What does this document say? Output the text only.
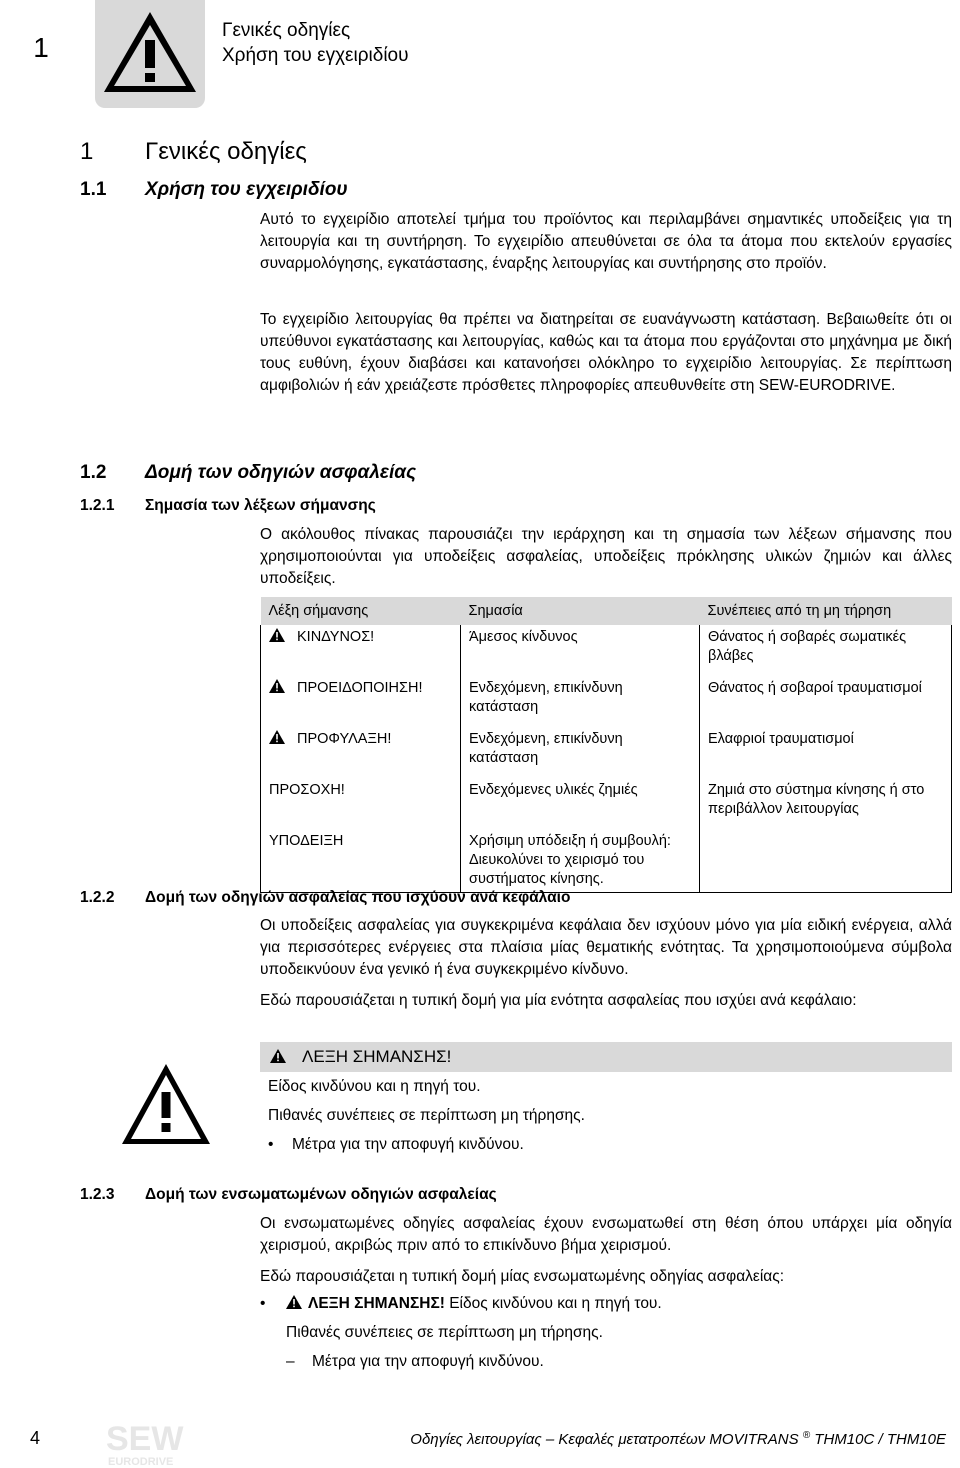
1
Γενικές οδηγίες
Χρήση του εγχειριδίου
1 Γενικές οδηγίες
1.1 Χρήση του εγχειριδίου

Αυτό το εγχειρίδιο αποτελεί τμήμα του προϊόντος και περιλαμβάνει σημαντικές υποδείξεις για τη λειτουργία και τη συντήρηση. Το εγχειρίδιο απευθύνεται σε όλα τα άτομα που εκτελούν εργασίες συναρμολόγησης, εγκατάστασης, έναρξης λειτουργίας και συντήρησης στο προϊόν.

Το εγχειρίδιο λειτουργίας θα πρέπει να διατηρείται σε ευανάγνωστη κατάσταση. Βεβαιωθείτε ότι οι υπεύθυνοι εγκατάστασης και λειτουργίας, καθώς και τα άτομα που εργάζονται στο μηχάνημα με δική τους ευθύνη, έχουν διαβάσει και κατανοήσει ολόκληρο το εγχειρίδιο λειτουργίας. Σε περίπτωση αμφιβολιών ή εάν χρειάζεστε πρόσθετες πληροφορίες απευθυνθείτε στη SEW-EURODRIVE.

1.2 Δομή των οδηγιών ασφαλείας
1.2.1 Σημασία των λέξεων σήμανσης

Ο ακόλουθος πίνακας παρουσιάζει την ιεράρχηση και τη σημασία των λέξεων σήμανσης που χρησιμοποιούνται για υποδείξεις ασφαλείας, υποδείξεις πρόκλησης υλικών ζημιών και άλλες υποδείξεις.

Λέξη σήμανσης	Σημασία	Συνέπειες από τη μη τήρηση
ΚΙΝΔΥΝΟΣ!	Άμεσος κίνδυνος	Θάνατος ή σοβαρές σωματικές βλάβες

ΠΡΟΕΙΔΟΠΟΙΗΣΗ!	Ενδεχόμενη, επικίνδυνη κατάσταση	Θάνατος ή σοβαροί τραυματισμοί

ΠΡΟΦΥΛΑΞΗ!	Ενδεχόμενη, επικίνδυνη κατάσταση	Ελαφριοί τραυματισμοί

ΠΡΟΣΟΧΗ!	Ενδεχόμενες υλικές ζημιές	Ζημιά στο σύστημα κίνησης ή στο περιβάλλον λειτουργίας

ΥΠΟΔΕΙΞΗ	Χρήσιμη υπόδειξη ή συμβουλή: Διευκολύνει το χειρισμό του συστήματος κίνησης.	
1.2.2 Δομή των οδηγιών ασφαλείας που ισχύουν ανά κεφάλαιο

Οι υποδείξεις ασφαλείας για συγκεκριμένα κεφάλαια δεν ισχύουν μόνο για μία ειδική ενέργεια, αλλά για περισσότερες ενέργειες στα πλαίσια μίας θεματικής ενότητας. Τα χρησιμοποιούμενα σύμβολα υποδεικνύουν ένα γενικό ή ένα συγκεκριμένο κίνδυνο.

Εδώ παρουσιάζεται η τυπική δομή για μία ενότητα ασφαλείας που ισχύει ανά κεφάλαιο:

ΛΕΞΗ ΣΗΜΑΝΣΗΣ!
Είδος κινδύνου και η πηγή του.
Πιθανές συνέπειες σε περίπτωση μη τήρησης.
• Μέτρα για την αποφυγή κινδύνου.
1.2.3 Δομή των ενσωματωμένων οδηγιών ασφαλείας

Οι ενσωματωμένες οδηγίες ασφαλείας έχουν ενσωματωθεί στη θέση όπου υπάρχει μία οδηγία χειρισμού, ακριβώς πριν από το επικίνδυνο βήμα χειρισμού.

Εδώ παρουσιάζεται η τυπική δομή μίας ενσωματωμένης οδηγίας ασφαλείας:

•	ΛΕΞΗ ΣΗΜΑΝΣΗΣ! Είδος κινδύνου και η πηγή του.
Πιθανές συνέπειες σε περίπτωση μη τήρησης.
– Μέτρα για την αποφυγή κινδύνου.
4 SEW
EURODRIVE
Οδηγίες λειτουργίας – Κεφαλές μετατροπέων MOVITRANS ® THM10C / THM10E
